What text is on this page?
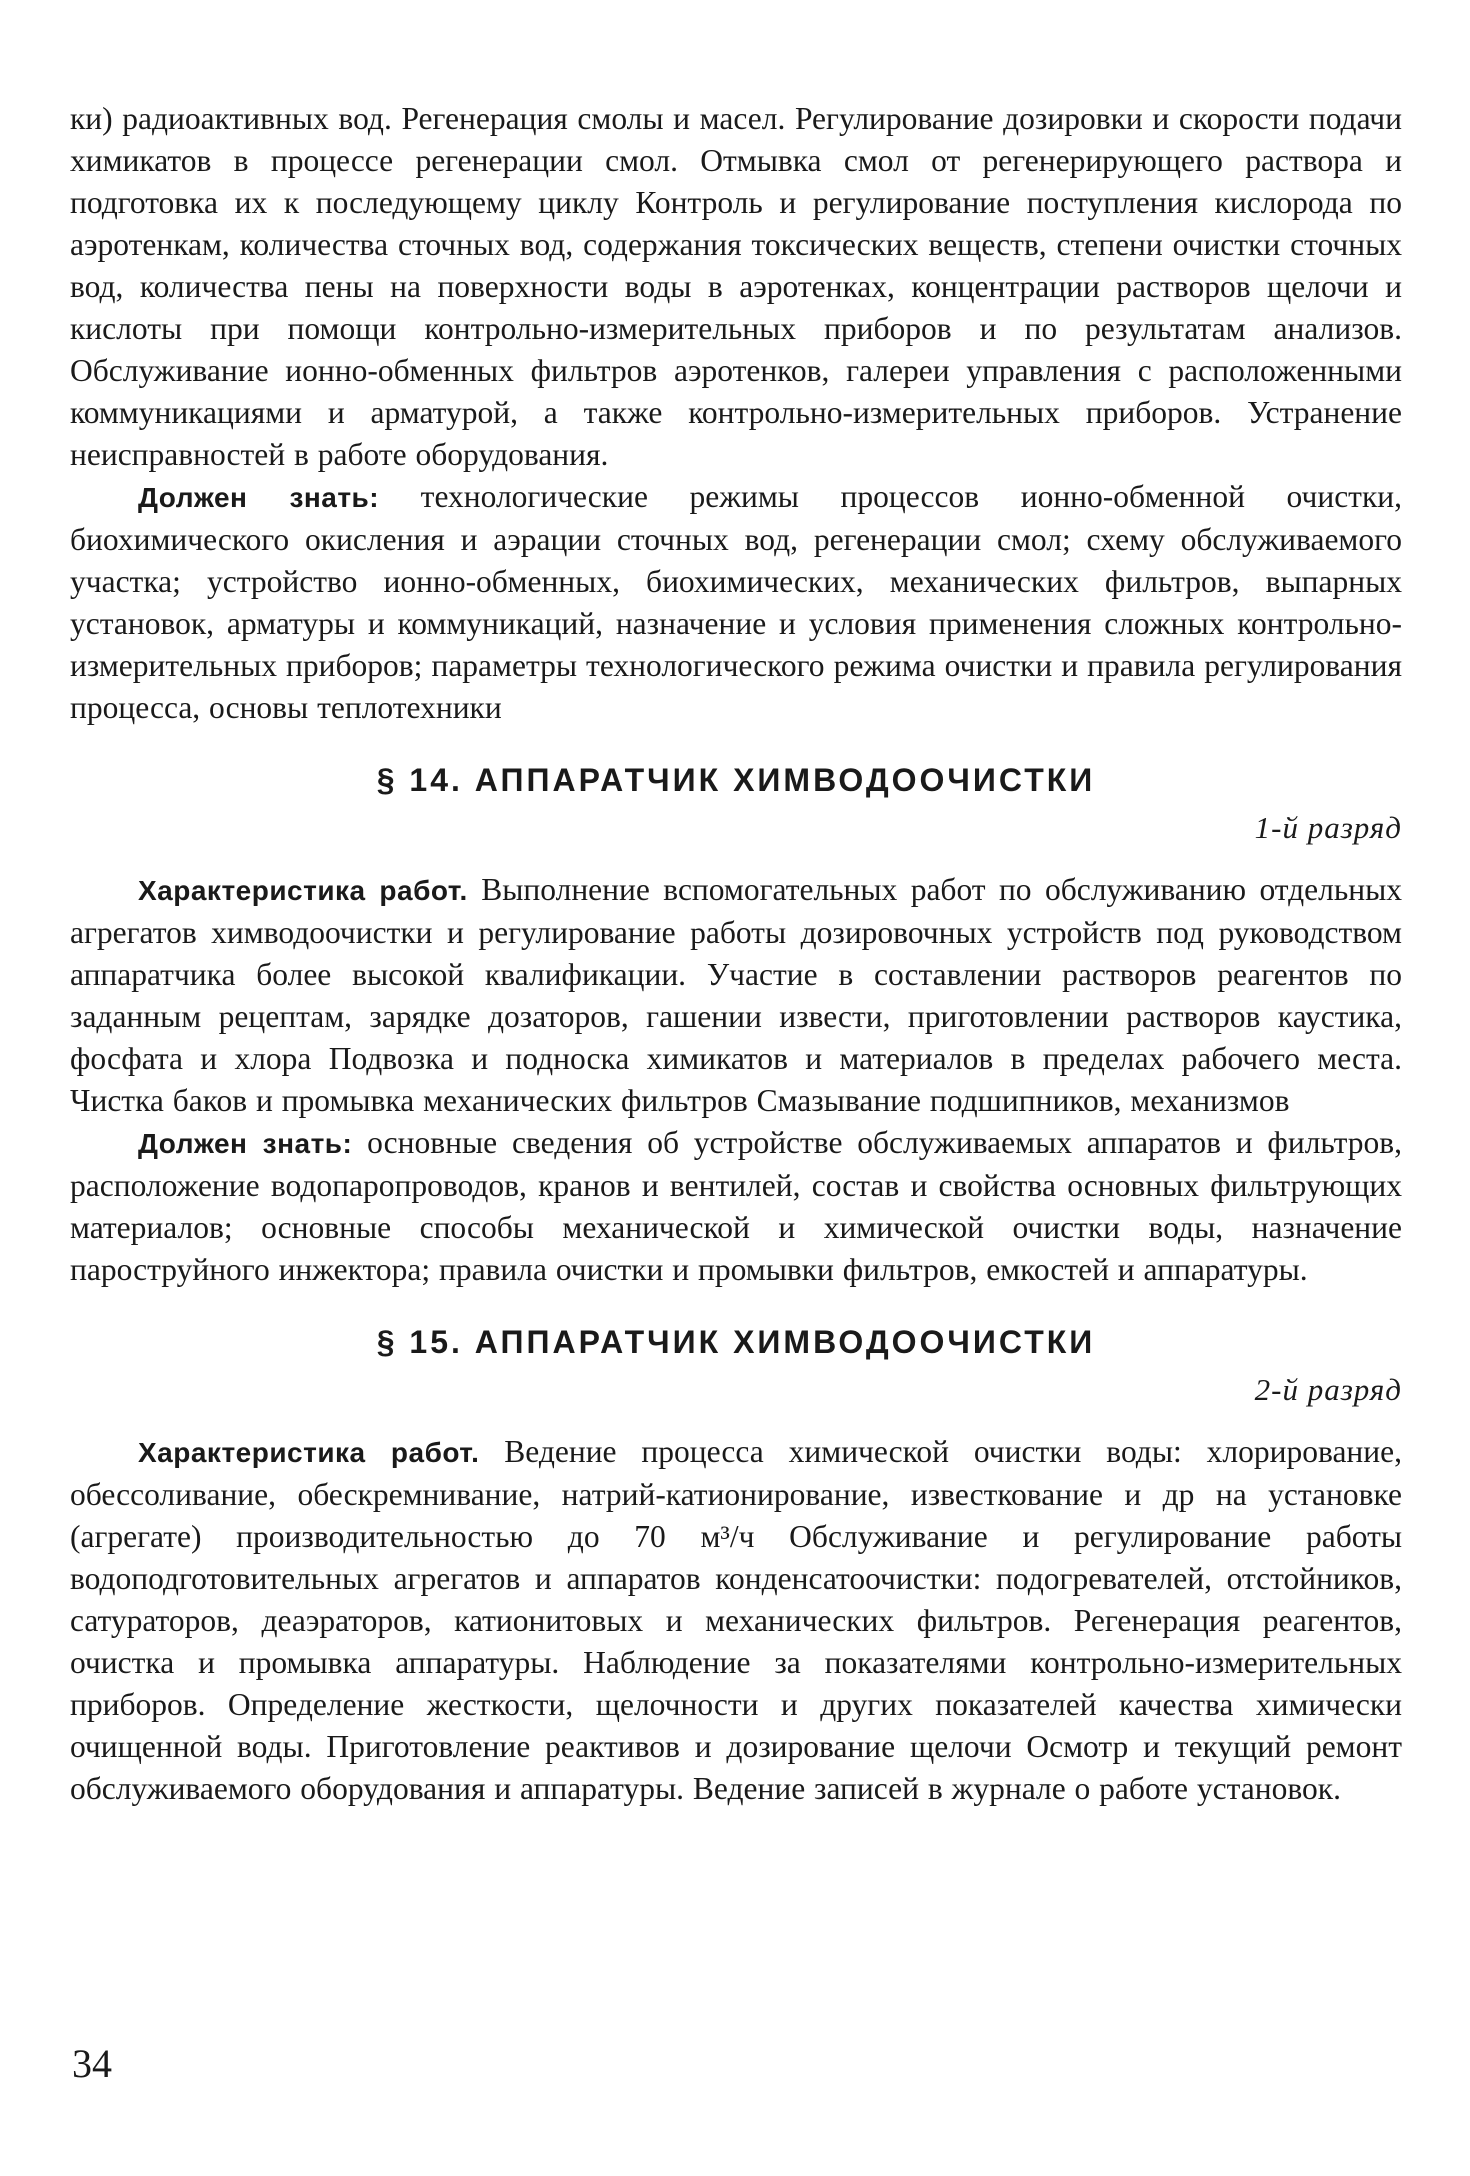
ки) радиоактивных вод. Регенерация смолы и масел. Регулирование дозировки и скорости подачи химикатов в процессе регенерации смол. Отмывка смол от регенерирующего раствора и подготовка их к последующему циклу Контроль и регулирование поступления кислорода по аэротенкам, количества сточных вод, содержания токсических веществ, степени очистки сточных вод, количества пены на поверхности воды в аэротенках, концентрации растворов щелочи и кислоты при помощи контрольно-измерительных приборов и по результатам анализов. Обслуживание ионно-обменных фильтров аэротенков, галереи управления с расположенными коммуникациями и арматурой, а также контрольно-измерительных приборов. Устранение неисправностей в работе оборудования.

Должен знать: технологические режимы процессов ионно-обменной очистки, биохимического окисления и аэрации сточных вод, регенерации смол; схему обслуживаемого участка; устройство ионно-обменных, биохимических, механических фильтров, выпарных установок, арматуры и коммуникаций, назначение и условия применения сложных контрольно-измерительных приборов; параметры технологического режима очистки и правила регулирования процесса, основы теплотехники

§ 14. АППАРАТЧИК ХИМВОДООЧИСТКИ
1-й разряд

Характеристика работ. Выполнение вспомогательных работ по обслуживанию отдельных агрегатов химводоочистки и регулирование работы дозировочных устройств под руководством аппаратчика более высокой квалификации. Участие в составлении растворов реагентов по заданным рецептам, зарядке дозаторов, гашении извести, приготовлении растворов каустика, фосфата и хлора Подвозка и подноска химикатов и материалов в пределах рабочего места. Чистка баков и промывка механических фильтров Смазывание подшипников, механизмов

Должен знать: основные сведения об устройстве обслуживаемых аппаратов и фильтров, расположение водопаропроводов, кранов и вентилей, состав и свойства основных фильтрующих материалов; основные способы механической и химической очистки воды, назначение пароструйного инжектора; правила очистки и промывки фильтров, емкостей и аппаратуры.

§ 15. АППАРАТЧИК ХИМВОДООЧИСТКИ
2-й разряд

Характеристика работ. Ведение процесса химической очистки воды: хлорирование, обессоливание, обескремнивание, натрий-катионирование, известкование и др на установке (агрегате) производительностью до 70 м³/ч Обслуживание и регулирование работы водоподготовительных агрегатов и аппаратов конденсатоочистки: подогревателей, отстойников, сатураторов, деаэраторов, катионитовых и механических фильтров. Регенерация реагентов, очистка и промывка аппаратуры. Наблюдение за показателями контрольно-измерительных приборов. Определение жесткости, щелочности и других показателей качества химически очищенной воды. Приготовление реактивов и дозирование щелочи Осмотр и текущий ремонт обслуживаемого оборудования и аппаратуры. Ведение записей в журнале о работе установок.

34
